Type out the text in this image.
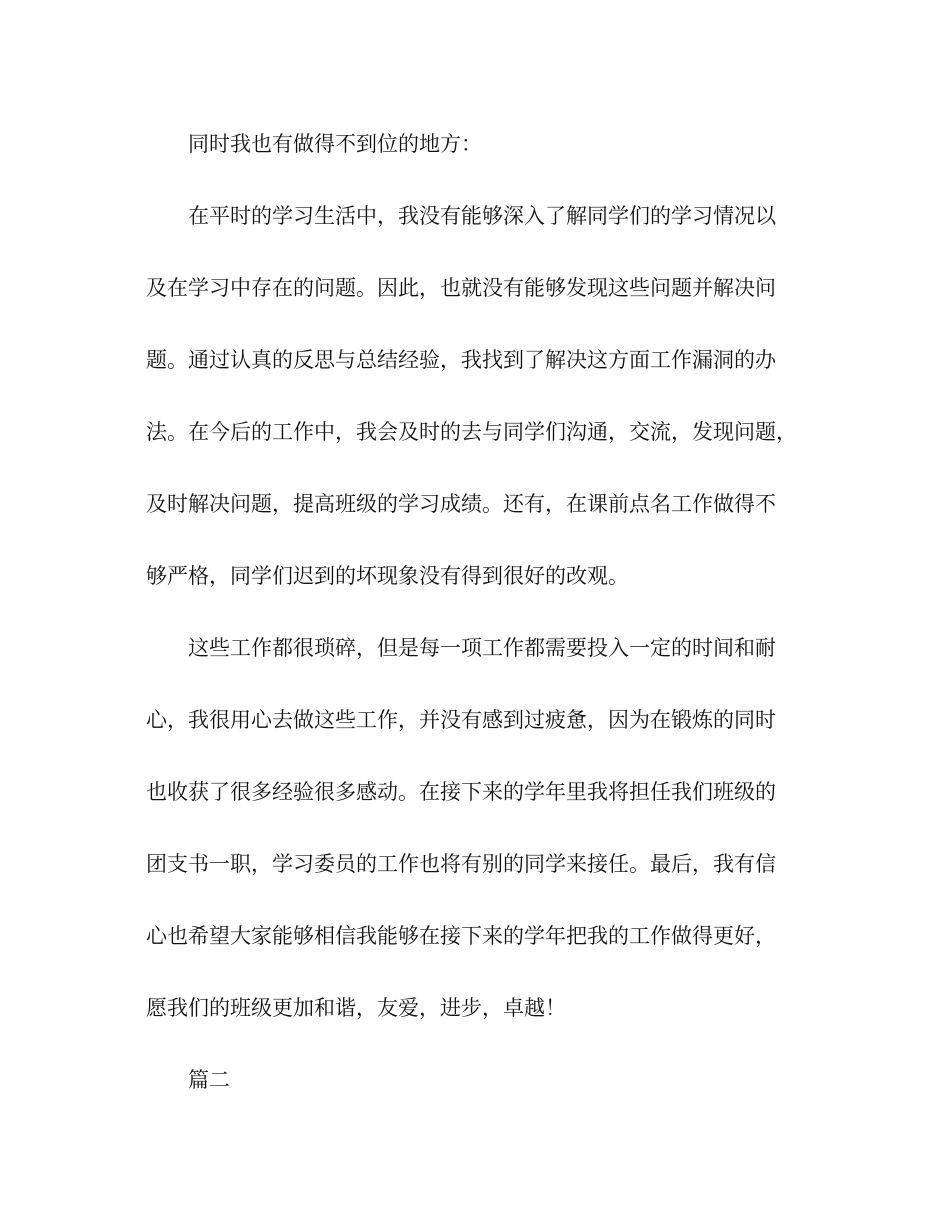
同时我也有做得不到位的地方：
在平时的学习生活中，我没有能够深入了解同学们的学习情况以
及在学习中存在的问题。因此，也就没有能够发现这些问题并解决问
题。通过认真的反思与总结经验，我找到了解决这方面工作漏洞的办
法。在今后的工作中，我会及时的去与同学们沟通，交流，发现问题，
及时解决问题，提高班级的学习成绩。还有，在课前点名工作做得不
够严格，同学们迟到的坏现象没有得到很好的改观。
这些工作都很琐碎，但是每一项工作都需要投入一定的时间和耐
心，我很用心去做这些工作，并没有感到过疲惫，因为在锻炼的同时
也收获了很多经验很多感动。在接下来的学年里我将担任我们班级的
团支书一职，学习委员的工作也将有别的同学来接任。最后，我有信
心也希望大家能够相信我能够在接下来的学年把我的工作做得更好，
愿我们的班级更加和谐，友爱，进步，卓越！
篇二
